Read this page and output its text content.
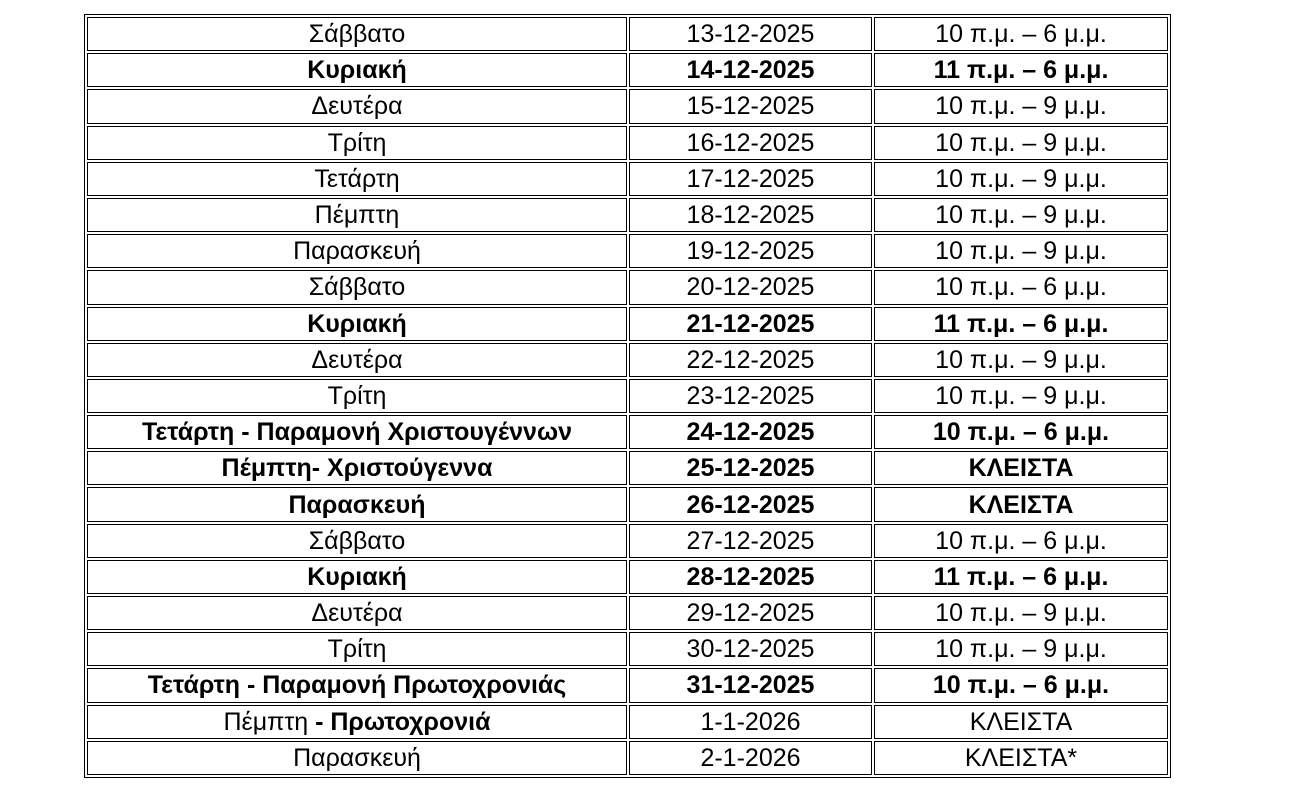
Σάββατο	13-12-2025	10 π.μ. – 6 μ.μ.
Κυριακή	14-12-2025	11 π.μ. – 6 μ.μ.
Δευτέρα	15-12-2025	10 π.μ. – 9 μ.μ.
Τρίτη	16-12-2025	10 π.μ. – 9 μ.μ.
Τετάρτη	17-12-2025	10 π.μ. – 9 μ.μ.
Πέμπτη	18-12-2025	10 π.μ. – 9 μ.μ.
Παρασκευή	19-12-2025	10 π.μ. – 9 μ.μ.
Σάββατο	20-12-2025	10 π.μ. – 6 μ.μ.
Κυριακή	21-12-2025	11 π.μ. – 6 μ.μ.
Δευτέρα	22-12-2025	10 π.μ. – 9 μ.μ.
Τρίτη	23-12-2025	10 π.μ. – 9 μ.μ.
Τετάρτη - Παραμονή Χριστουγέννων	24-12-2025	10 π.μ. – 6 μ.μ.
Πέμπτη- Χριστούγεννα	25-12-2025	ΚΛΕΙΣΤΑ
Παρασκευή	26-12-2025	ΚΛΕΙΣΤΑ
Σάββατο	27-12-2025	10 π.μ. – 6 μ.μ.
Κυριακή	28-12-2025	11 π.μ. – 6 μ.μ.
Δευτέρα	29-12-2025	10 π.μ. – 9 μ.μ.
Τρίτη	30-12-2025	10 π.μ. – 9 μ.μ.
Τετάρτη - Παραμονή Πρωτοχρονιάς	31-12-2025	10 π.μ. – 6 μ.μ.
Πέμπτη - Πρωτοχρονιά	1-1-2026	ΚΛΕΙΣΤΑ
Παρασκευή	2-1-2026	ΚΛΕΙΣΤΑ*
